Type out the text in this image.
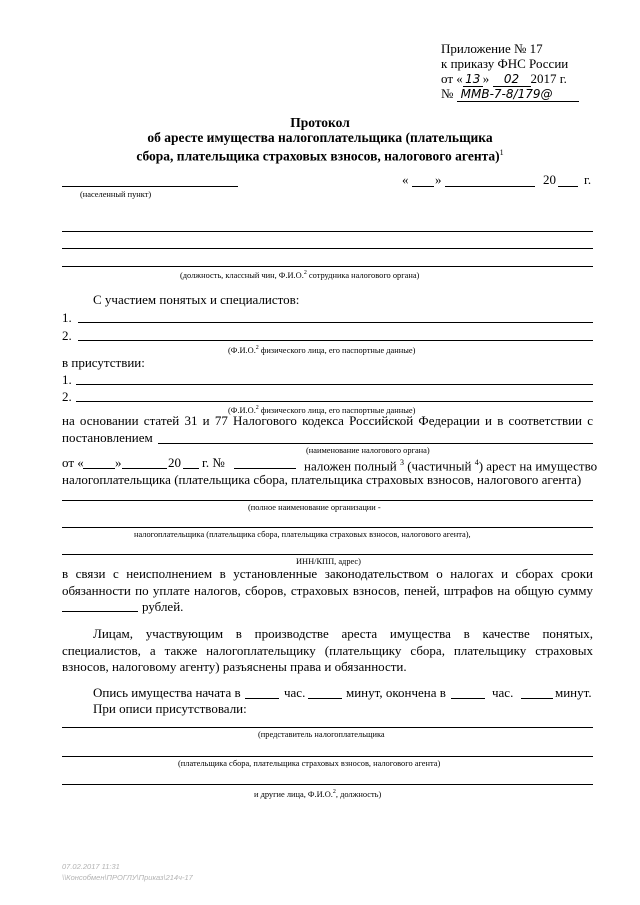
Приложение № 17
к приказу ФНС России
от « 13 » 02 2017 г.
№ ММВ-7-8/179@
Протокол
об аресте имущества налогоплательщика (плательщика
сбора, плательщика страховых взносов, налогового агента)$^1$
(населенный пункт)
« »	20 г.
(должность, классный чин, Ф.И.О.$^2$ сотрудника налогового органа)
С участием понятых и специалистов:
1.
2.
(Ф.И.О.$^2$ физического лица, его паспортные данные)
в присутствии:
1.
2.
(Ф.И.О.$^2$ физического лица, его паспортные данные)
на основании статей 31 и 77 Налогового кодекса Российской Федерации и в соответствии с
постановлением
(наименование налогового органа)
от « »	20 г. №	наложен полный $^3$ (частичный $^4$) арест на имущество
налогоплательщика (плательщика сбора, плательщика страховых взносов, налогового агента)
(полное наименование организации -
налогоплательщика (плательщика сбора, плательщика страховых взносов, налогового агента),
ИНН/КПП, адрес)
в связи с неисполнением в установленные законодательством о налогах и сборах сроки
обязанности по уплате налогов, сборов, страховых взносов, пеней, штрафов на общую сумму
рублей.
Лицам, участвующим в производстве ареста имущества в качестве понятых,
специалистов, а также налогоплательщику (плательщику сбора, плательщику страховых
взносов, налоговому агенту) разъяснены права и обязанности.
Опись имущества начата в	час.	минут, окончена в	час.	минут.
При описи присутствовали:
(представитель налогоплательщика
(плательщика сбора, плательщика страховых взносов, налогового агента)
и другие лица, Ф.И.О.$^2$, должность)
07.02.2017 11:31
\\Консобмен\ПРОГЛУ\Приказ\214ч-17
